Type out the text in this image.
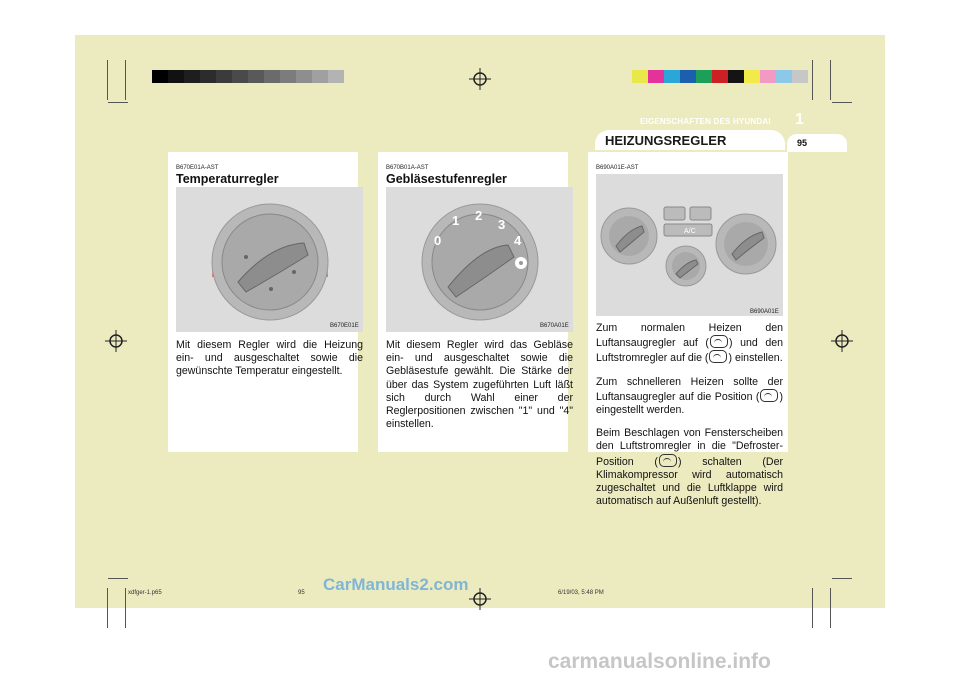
EIGENSCHAFTEN DES HYUNDAI 1
HEIZUNGSREGLER	95
B670E01A-AST
Temperaturregler
B670E01E
Mit diesem Regler wird die Heizung ein- und ausgeschaltet sowie die gewünschte Temperatur eingestellt.
B670B01A-AST
Gebläsestufenregler
0
1 2
3
4
B670A01E
Mit diesem Regler wird das Gebläse ein- und ausgeschaltet sowie die Gebläsestufe gewählt. Die Stärke der über das System zugeführten Luft läßt sich durch Wahl einer der Reglerpositionen zwischen "1" und "4" einstellen.
B690A01E-AST
A/C
B690A01E

Zum normalen Heizen den Luftansaugregler auf ( ) und den Luftstromregler auf die ( ) einstellen.

Zum schnelleren Heizen sollte der Luftansaugregler auf die Position ( ) eingestellt werden.

Beim Beschlagen von Fensterscheiben den Luftstromregler in die "Defroster-Position ( ) schalten (Der Klimakompressor wird automatisch zugeschaltet und die Luftklappe wird automatisch auf Außenluft gestellt).

xdfger-1.p65	95	6/19/03, 5:48 PM
CarManuals2.com
carmanualsonline.info
